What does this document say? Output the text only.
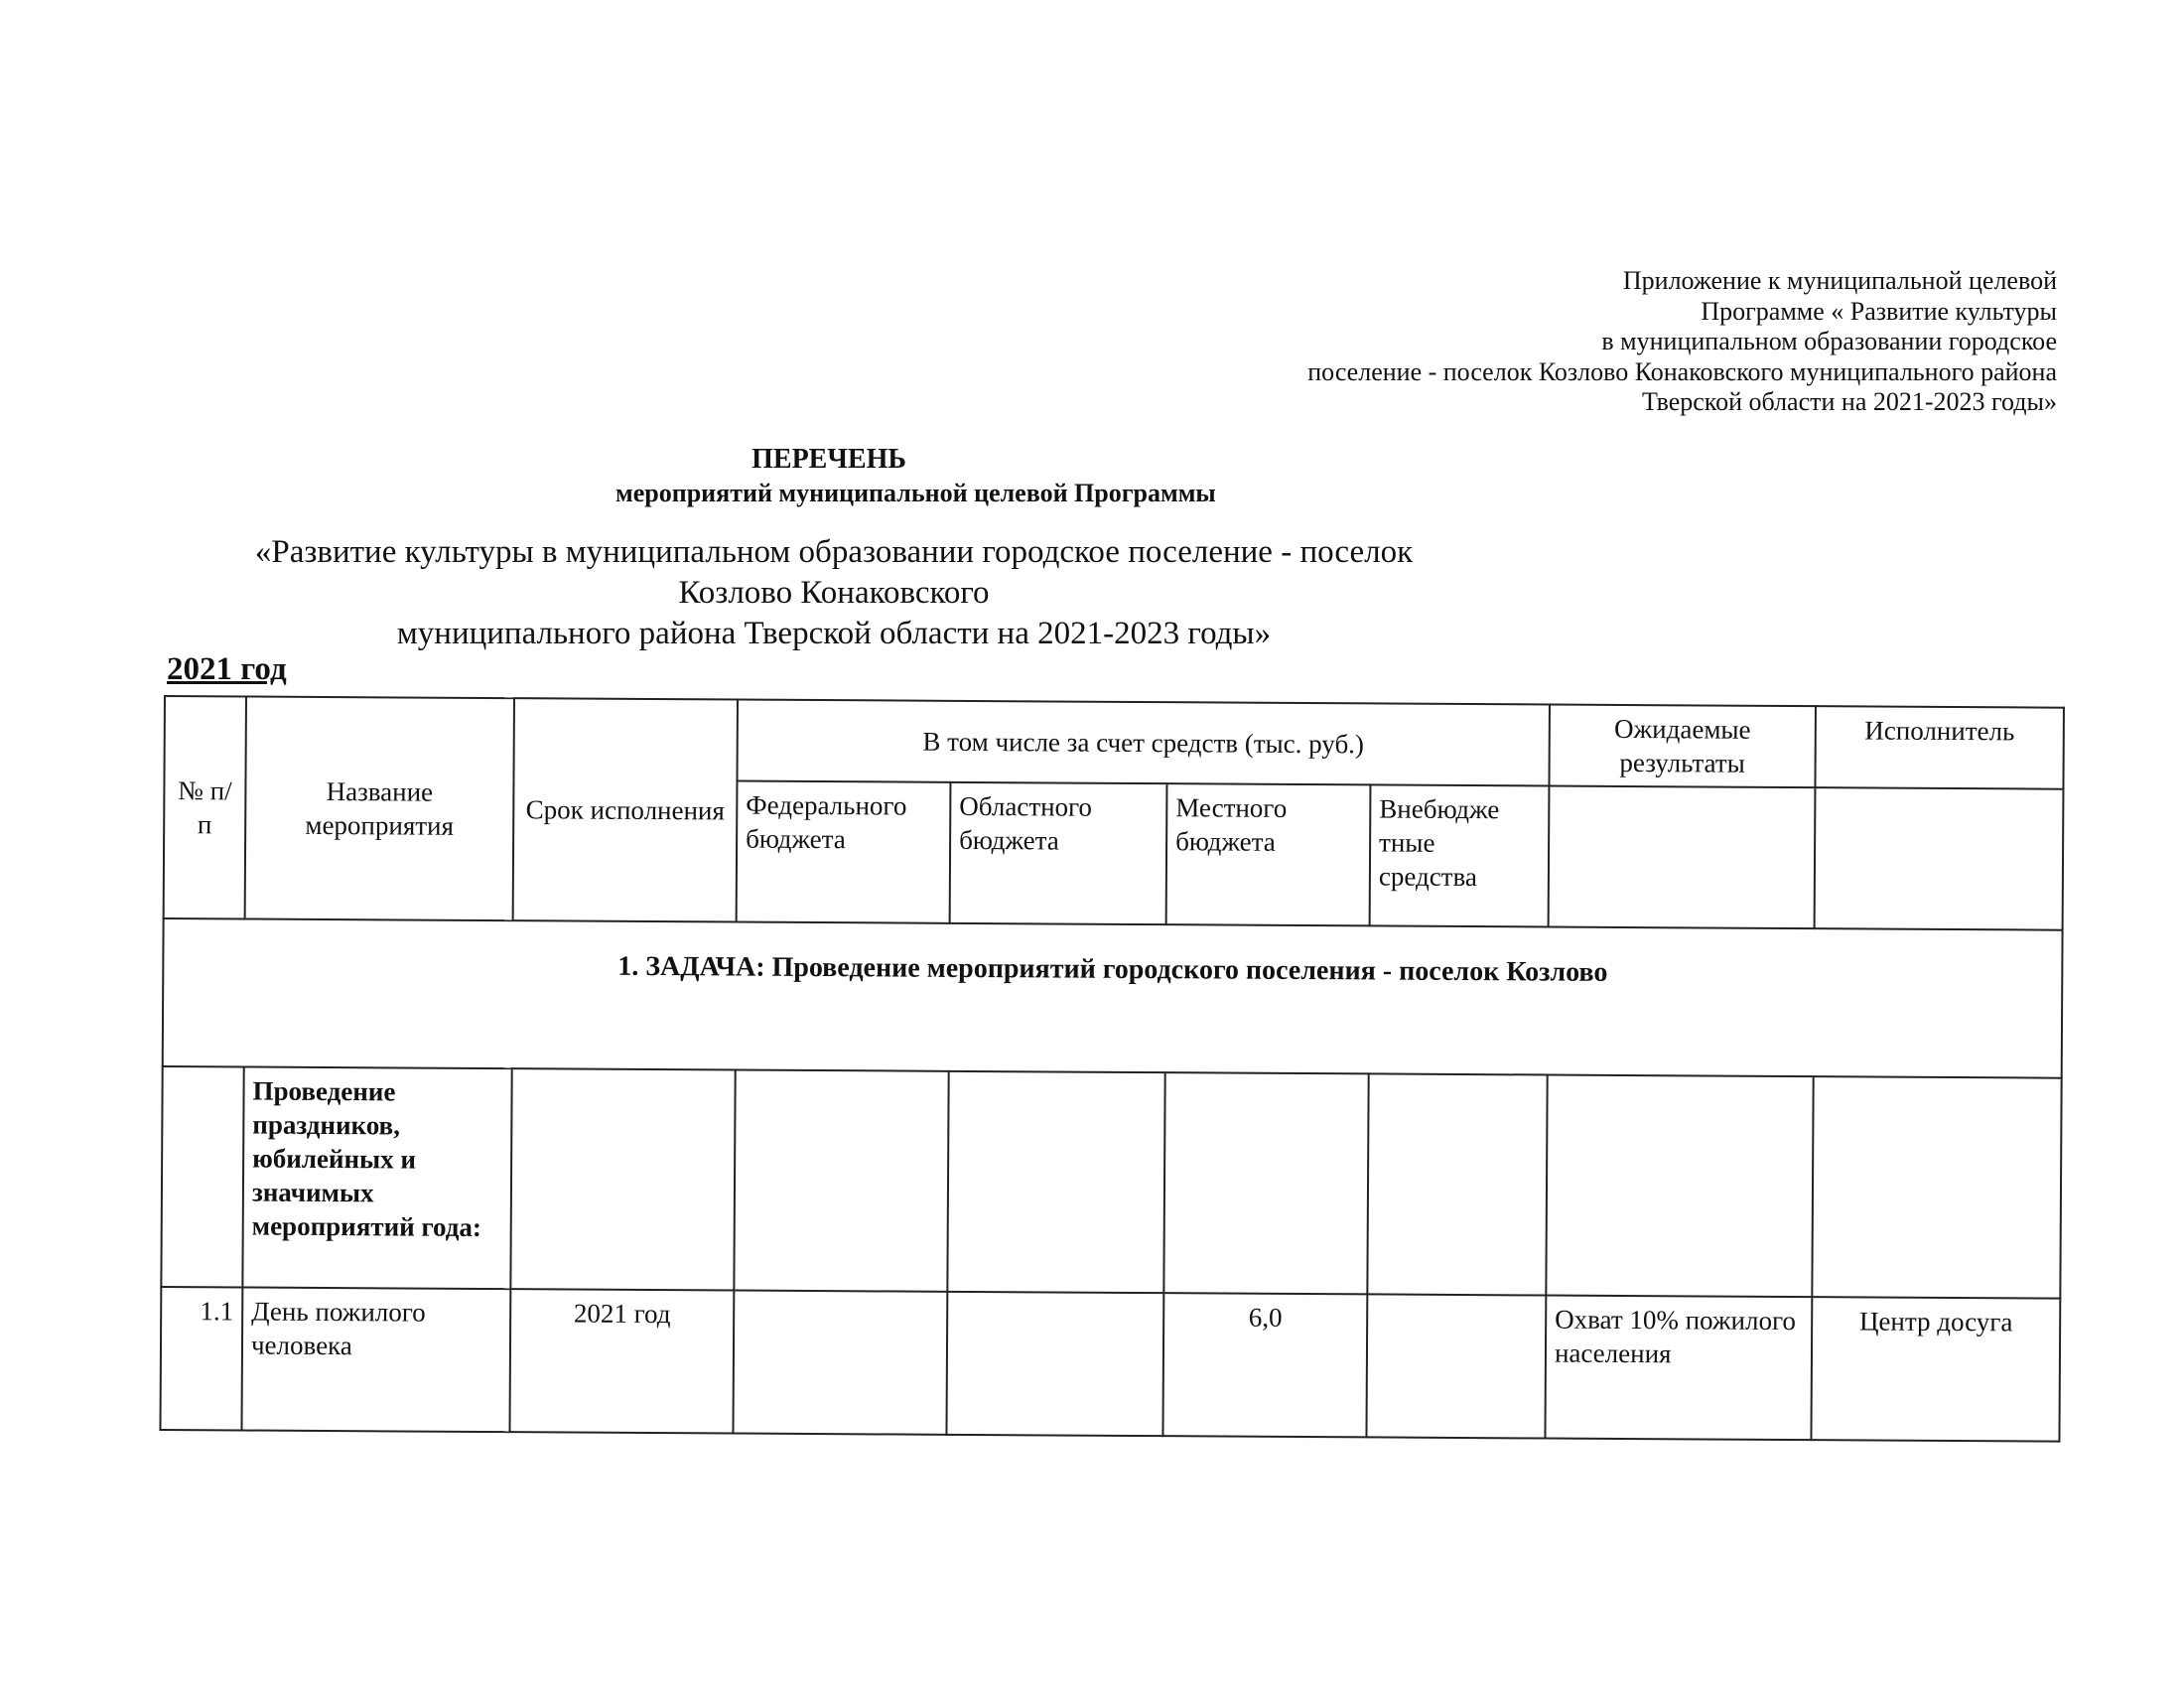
Приложение к муниципальной целевой
Программе « Развитие культуры
в муниципальном образовании городское
поселение - поселок Козлово Конаковского муниципального района
Тверской области на 2021-2023 годы»
ПЕРЕЧЕНЬ
мероприятий муниципальной целевой Программы
«Развитие культуры в муниципальном образовании городское поселение - поселок Козлово Конаковского
муниципального района Тверской области на 2021-2023 годы»
2021 год
№ п/п	Название мероприятия	Срок исполнения	В том числе за счет средств (тыс. руб.)				Ожидаемые результаты	Исполнитель
			Федерального бюджета	Областного бюджета	Местного бюджета	Внебюдже тные средства		
1. ЗАДАЧА: Проведение мероприятий городского поселения - поселок Козлово								
	Проведение праздников, юбилейных и значимых мероприятий года:							
1.1	День пожилого человека	2021 год			6,0		Охват 10% пожилого населения	Центр досуга
